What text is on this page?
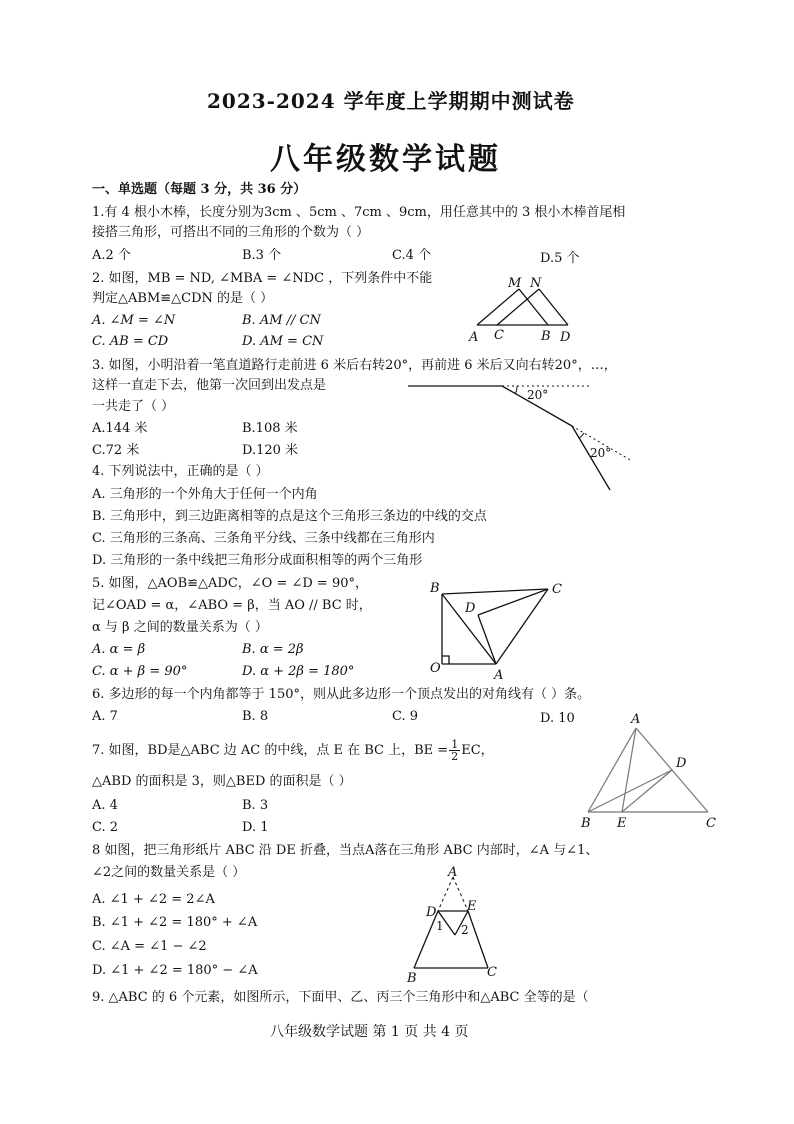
2023-2024 学年度上学期期中测试卷
八年级数学试题
一、单选题（每题 3 分，共 36 分）
1.有 4 根小木棒，长度分别为3cm 、5cm 、7cm 、9cm，用任意其中的 3 根小木棒首尾相
接搭三角形，可搭出不同的三角形的个数为（ ）
A.2 个	B.3 个	C.4 个	D.5 个
2. 如图，MB = ND, ∠MBA = ∠NDC ，下列条件中不能
判定△ABM≌△CDN 的是（ ）
A. ∠M = ∠N	B. AM // CN
C. AB = CD	D. AM = CN
M N
A C	B D
3. 如图，小明沿着一笔直道路行走前进 6 米后右转20°，再前进 6 米后又向右转20°，…，
这样一直走下去，他第一次回到出发点是
一共走了（ ）
A.144 米	B.108 米
C.72 米	D.120 米
20°
20°
4. 下列说法中，正确的是（ ）
A. 三角形的一个外角大于任何一个内角
B. 三角形中，到三边距离相等的点是这个三角形三条边的中线的交点
C. 三角形的三条高、三条角平分线、三条中线都在三角形内
D. 三角形的一条中线把三角形分成面积相等的两个三角形
5. 如图，△AOB≌△ADC，∠O = ∠D = 90°，
记∠OAD = α，∠ABO = β，当 AO // BC 时，
α 与 β 之间的数量关系为（ ）
A. α = β	B. α = 2β
C. α + β = 90°	D. α + 2β = 180°
B	C
D
O	A
6. 多边形的每一个内角都等于 150°，则从此多边形一个顶点发出的对角线有（ ）条。
A. 7	B. 8	C. 9	D. 10
7. 如图，BD是△ABC 边 AC 的中线，点 E 在 BC 上，BE = $\frac{1}{2}$ EC，
△ABD 的面积是 3，则△BED 的面积是（ ）
A. 4	B. 3
C. 2	D. 1
A
D
B E	C
8 如图，把三角形纸片 ABC 沿 DE 折叠，当点A落在三角形 ABC 内部时，∠A 与∠1、
∠2之间的数量关系是（ ）
A. ∠1 + ∠2 = 2∠A
B. ∠1 + ∠2 = 180° + ∠A
C. ∠A = ∠1 − ∠2
D. ∠1 + ∠2 = 180° − ∠A
A
D E
1 2
B	C
9. △ABC 的 6 个元素，如图所示，下面甲、乙、丙三个三角形中和△ABC 全等的是（
八年级数学试题 第 1 页 共 4 页
